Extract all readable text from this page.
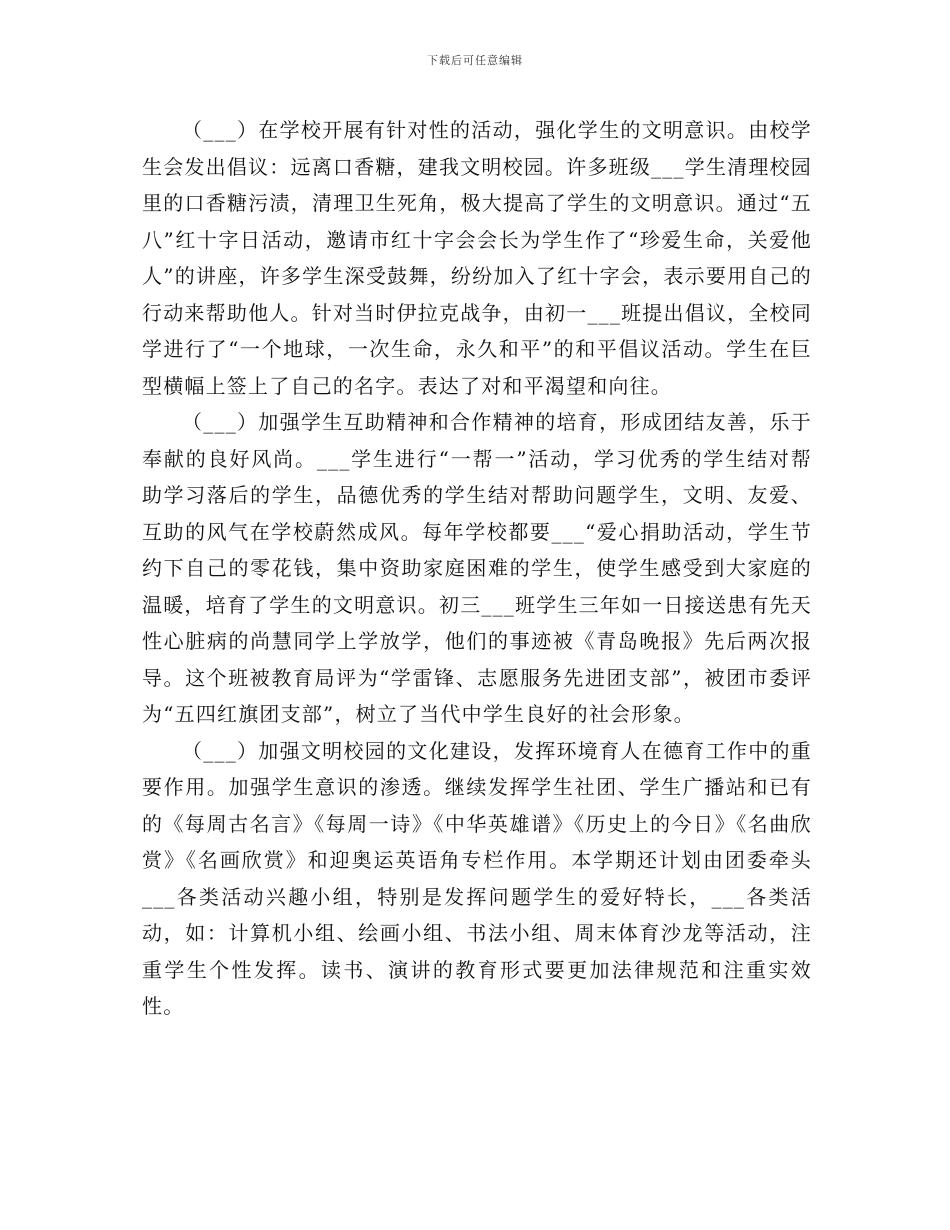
下载后可任意编辑

（___）在学校开展有针对性的活动，强化学生的文明意识。由校学生会发出倡议：远离口香糖，建我文明校园。许多班级___学生清理校园里的口香糖污渍，清理卫生死角，极大提高了学生的文明意识。通过“五八”红十字日活动，邀请市红十字会会长为学生作了“珍爱生命，关爱他人”的讲座，许多学生深受鼓舞，纷纷加入了红十字会，表示要用自己的行动来帮助他人。针对当时伊拉克战争，由初一___班提出倡议，全校同学进行了“一个地球，一次生命，永久和平”的和平倡议活动。学生在巨型横幅上签上了自己的名字。表达了对和平渴望和向往。

（___）加强学生互助精神和合作精神的培育，形成团结友善，乐于奉献的良好风尚。___学生进行“一帮一”活动，学习优秀的学生结对帮助学习落后的学生，品德优秀的学生结对帮助问题学生，文明、友爱、互助的风气在学校蔚然成风。每年学校都要___“爱心捐助活动，学生节约下自己的零花钱，集中资助家庭困难的学生，使学生感受到大家庭的温暖，培育了学生的文明意识。初三___班学生三年如一日接送患有先天性心脏病的尚慧同学上学放学，他们的事迹被《青岛晚报》先后两次报导。这个班被教育局评为“学雷锋、志愿服务先进团支部”，被团市委评为“五四红旗团支部”，树立了当代中学生良好的社会形象。

（___）加强文明校园的文化建设，发挥环境育人在德育工作中的重要作用。加强学生意识的渗透。继续发挥学生社团、学生广播站和已有的《每周古名言》《每周一诗》《中华英雄谱》《历史上的今日》《名曲欣赏》《名画欣赏》和迎奥运英语角专栏作用。本学期还计划由团委牵头___各类活动兴趣小组，特别是发挥问题学生的爱好特长，___各类活动，如：计算机小组、绘画小组、书法小组、周末体育沙龙等活动，注重学生个性发挥。读书、演讲的教育形式要更加法律规范和注重实效性。
